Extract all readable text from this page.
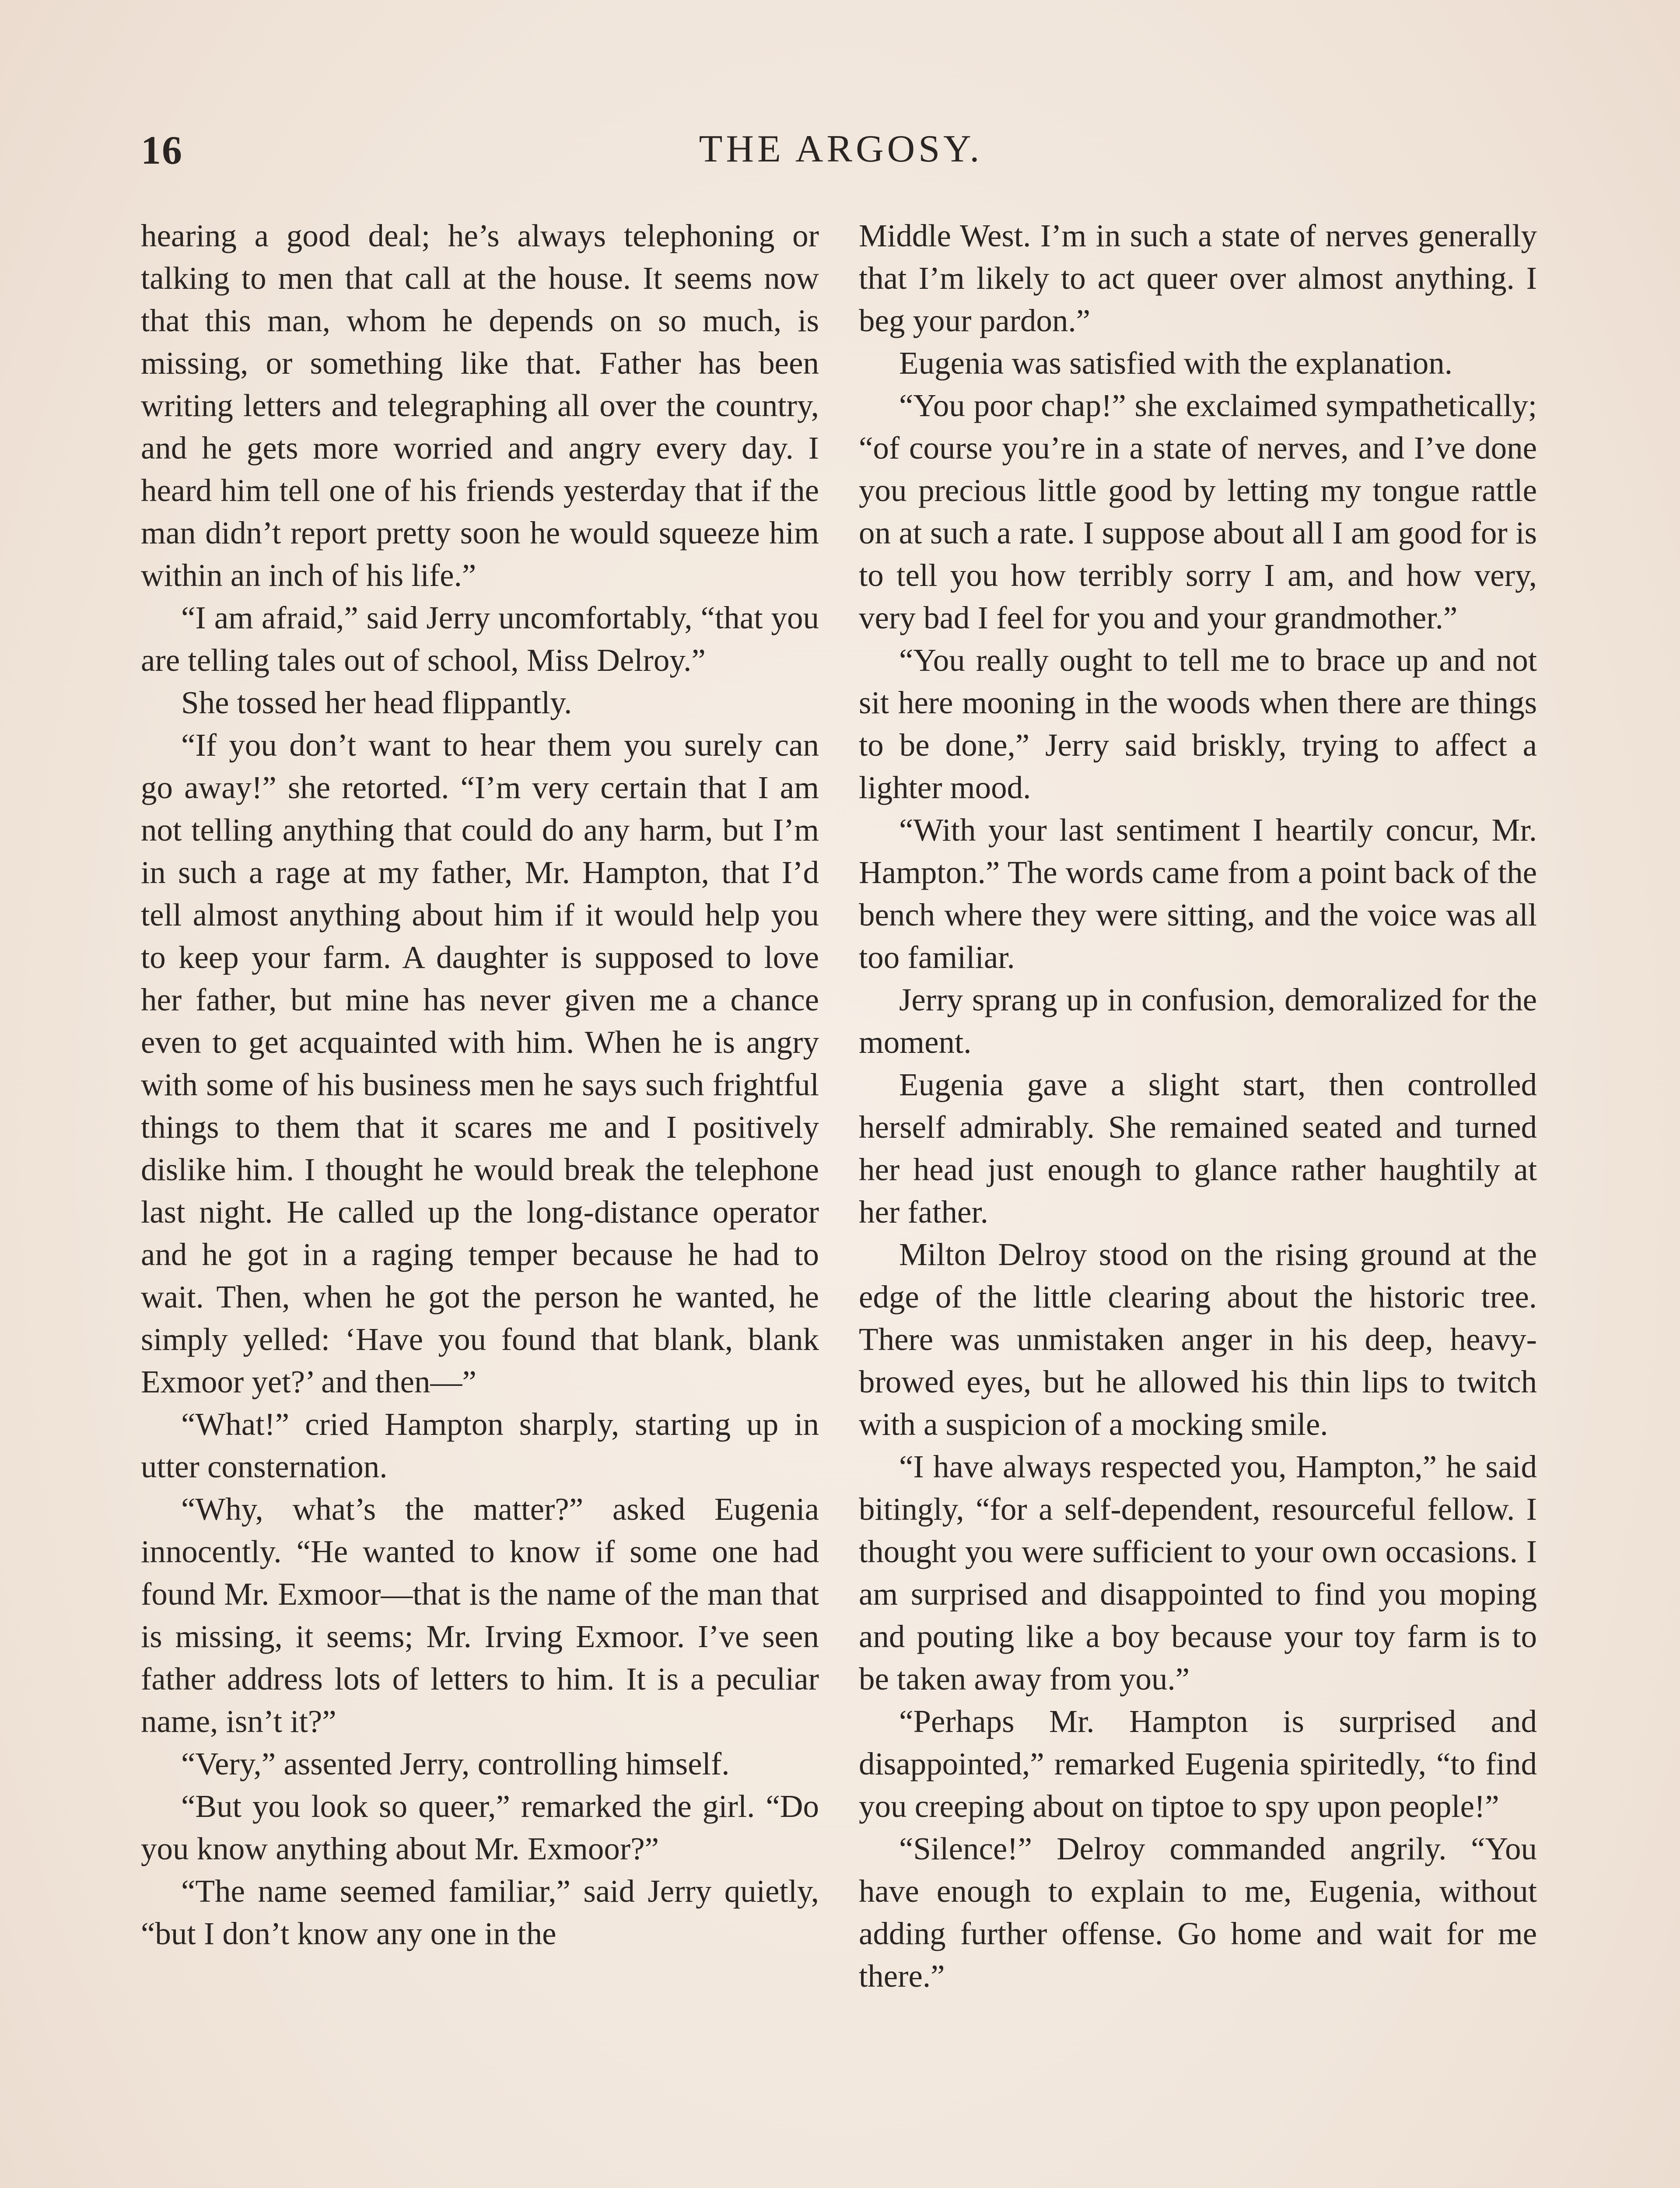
16	THE ARGOSY.

hearing a good deal; he’s always telephoning or talking to men that call at the house. It seems now that this man, whom he depends on so much, is missing, or something like that. Father has been writing letters and telegraphing all over the country, and he gets more worried and angry every day. I heard him tell one of his friends yesterday that if the man didn’t report pretty soon he would squeeze him within an inch of his life.”

“I am afraid,” said Jerry uncomfortably, “that you are telling tales out of school, Miss Delroy.”

She tossed her head flippantly.

“If you don’t want to hear them you surely can go away!” she retorted. “I’m very certain that I am not telling anything that could do any harm, but I’m in such a rage at my father, Mr. Hampton, that I’d tell almost anything about him if it would help you to keep your farm. A daughter is supposed to love her father, but mine has never given me a chance even to get acquainted with him. When he is angry with some of his business men he says such frightful things to them that it scares me and I positively dislike him. I thought he would break the telephone last night. He called up the long-distance operator and he got in a raging temper because he had to wait. Then, when he got the person he wanted, he simply yelled: ‘Have you found that blank, blank Exmoor yet?’ and then—”

“What!” cried Hampton sharply, starting up in utter consternation.

“Why, what’s the matter?” asked Eugenia innocently. “He wanted to know if some one had found Mr. Exmoor—that is the name of the man that is missing, it seems; Mr. Irving Exmoor. I’ve seen father address lots of letters to him. It is a peculiar name, isn’t it?”

“Very,” assented Jerry, controlling himself.

“But you look so queer,” remarked the girl. “Do you know anything about Mr. Exmoor?”

“The name seemed familiar,” said Jerry quietly, “but I don’t know any one in the

Middle West. I’m in such a state of nerves generally that I’m likely to act queer over almost anything. I beg your pardon.”

Eugenia was satisfied with the explanation.

“You poor chap!” she exclaimed sympathetically; “of course you’re in a state of nerves, and I’ve done you precious little good by letting my tongue rattle on at such a rate. I suppose about all I am good for is to tell you how terribly sorry I am, and how very, very bad I feel for you and your grandmother.”

“You really ought to tell me to brace up and not sit here mooning in the woods when there are things to be done,” Jerry said briskly, trying to affect a lighter mood.

“With your last sentiment I heartily concur, Mr. Hampton.” The words came from a point back of the bench where they were sitting, and the voice was all too familiar.

Jerry sprang up in confusion, demoralized for the moment.

Eugenia gave a slight start, then controlled herself admirably. She remained seated and turned her head just enough to glance rather haughtily at her father.

Milton Delroy stood on the rising ground at the edge of the little clearing about the historic tree. There was unmistaken anger in his deep, heavy-browed eyes, but he allowed his thin lips to twitch with a suspicion of a mocking smile.

“I have always respected you, Hampton,” he said bitingly, “for a self-dependent, resourceful fellow. I thought you were sufficient to your own occasions. I am surprised and disappointed to find you moping and pouting like a boy because your toy farm is to be taken away from you.”

“Perhaps Mr. Hampton is surprised and disappointed,” remarked Eugenia spiritedly, “to find you creeping about on tiptoe to spy upon people!”

“Silence!” Delroy commanded angrily. “You have enough to explain to me, Eugenia, without adding further offense. Go home and wait for me there.”
